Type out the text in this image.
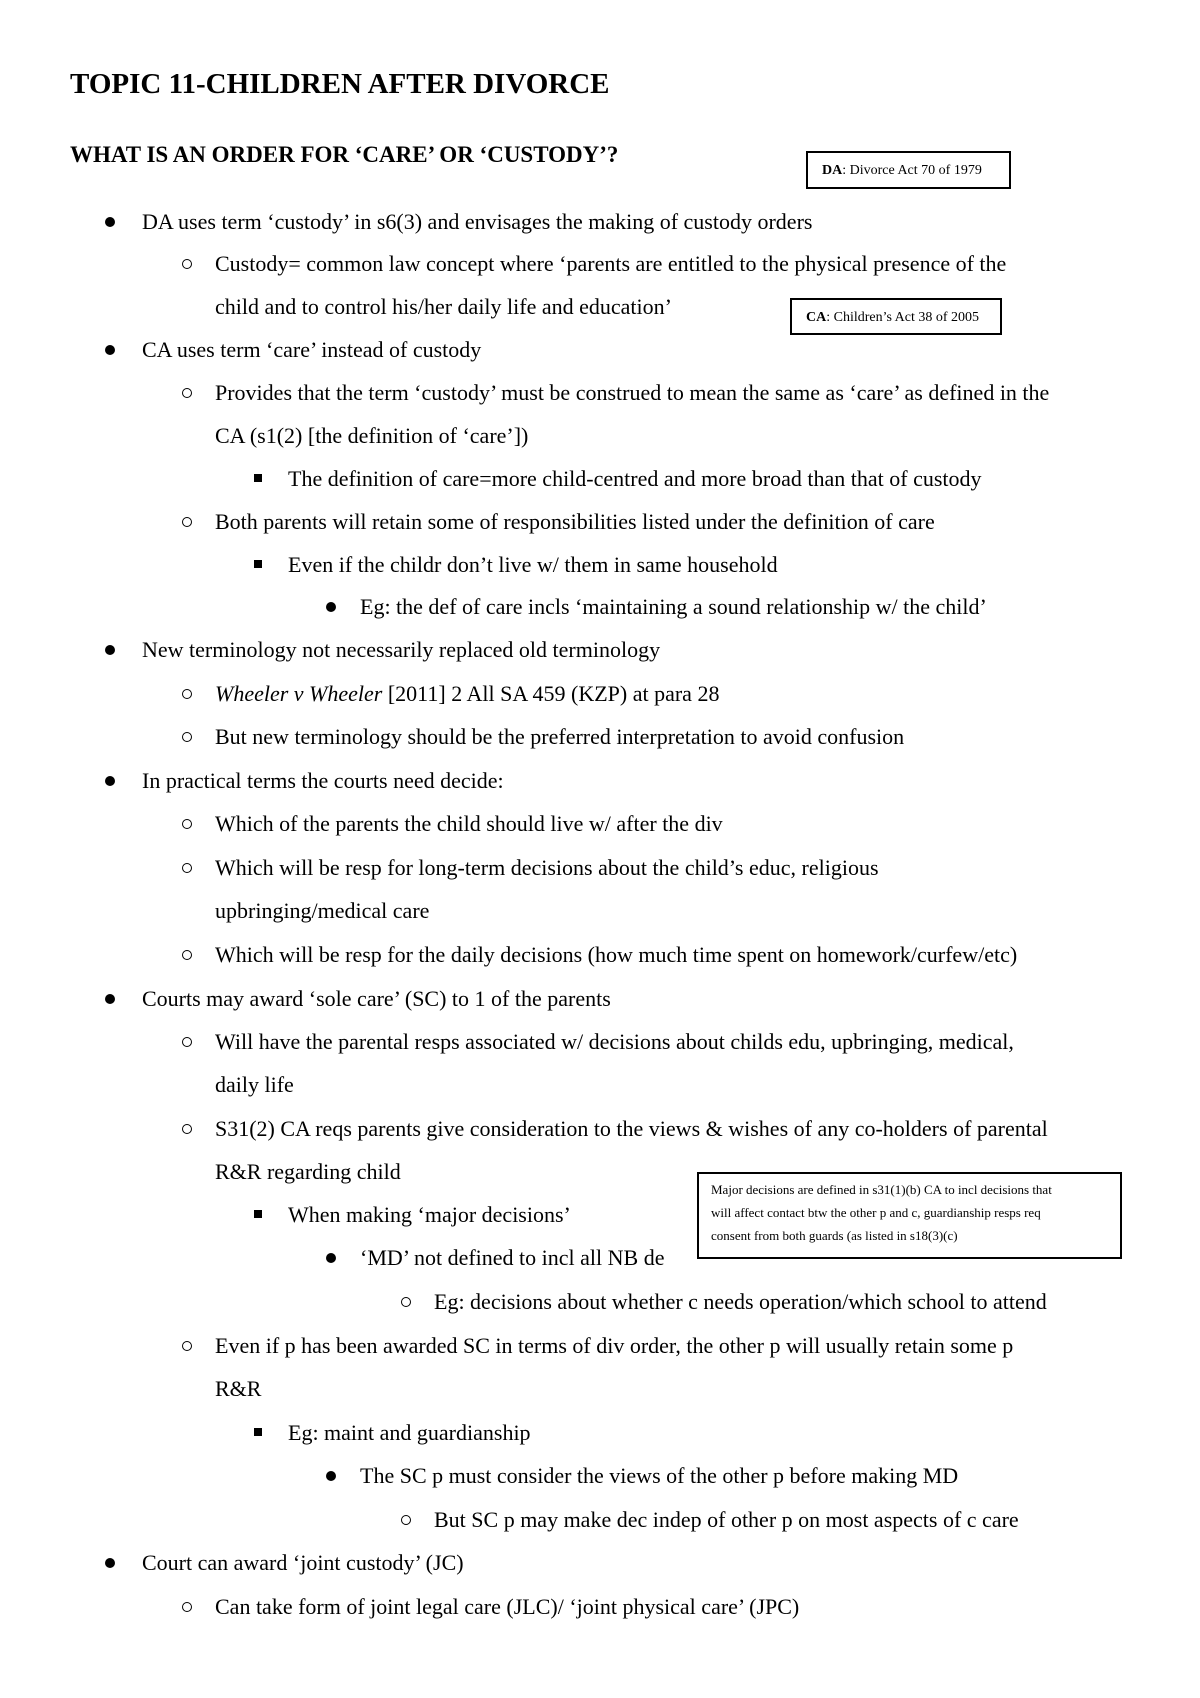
TOPIC 11-CHILDREN AFTER DIVORCE
WHAT IS AN ORDER FOR ‘CARE’ OR ‘CUSTODY’?
DA: Divorce Act 70 of 1979
CA: Children’s Act 38 of 2005
DA uses term ‘custody’ in s6(3) and envisages the making of custody orders
Custody= common law concept where ‘parents are entitled to the physical presence of the
child and to control his/her daily life and education’
CA uses term ‘care’ instead of custody
Provides that the term ‘custody’ must be construed to mean the same as ‘care’ as defined in the
CA (s1(2) [the definition of ‘care’])
The definition of care=more child-centred and more broad than that of custody
Both parents will retain some of responsibilities listed under the definition of care
Even if the childr don’t live w/ them in same household
Eg: the def of care incls ‘maintaining a sound relationship w/ the child’
New terminology not necessarily replaced old terminology
Wheeler v Wheeler [2011] 2 All SA 459 (KZP) at para 28
But new terminology should be the preferred interpretation to avoid confusion
In practical terms the courts need decide:
Which of the parents the child should live w/ after the div
Which will be resp for long-term decisions about the child’s educ, religious
upbringing/medical care
Which will be resp for the daily decisions (how much time spent on homework/curfew/etc)
Courts may award ‘sole care’ (SC) to 1 of the parents
Will have the parental resps associated w/ decisions about childs edu, upbringing, medical,
daily life
S31(2) CA reqs parents give consideration to the views & wishes of any co-holders of parental
R&R regarding child
When making ‘major decisions’
‘MD’ not defined to incl all NB de
Major decisions are defined in s31(1)(b) CA to incl decisions that
will affect contact btw the other p and c, guardianship resps req
consent from both guards (as listed in s18(3)(c)
Eg: decisions about whether c needs operation/which school to attend
Even if p has been awarded SC in terms of div order, the other p will usually retain some p
R&R
Eg: maint and guardianship
The SC p must consider the views of the other p before making MD
But SC p may make dec indep of other p on most aspects of c care
Court can award ‘joint custody’ (JC)
Can take form of joint legal care (JLC)/ ‘joint physical care’ (JPC)
